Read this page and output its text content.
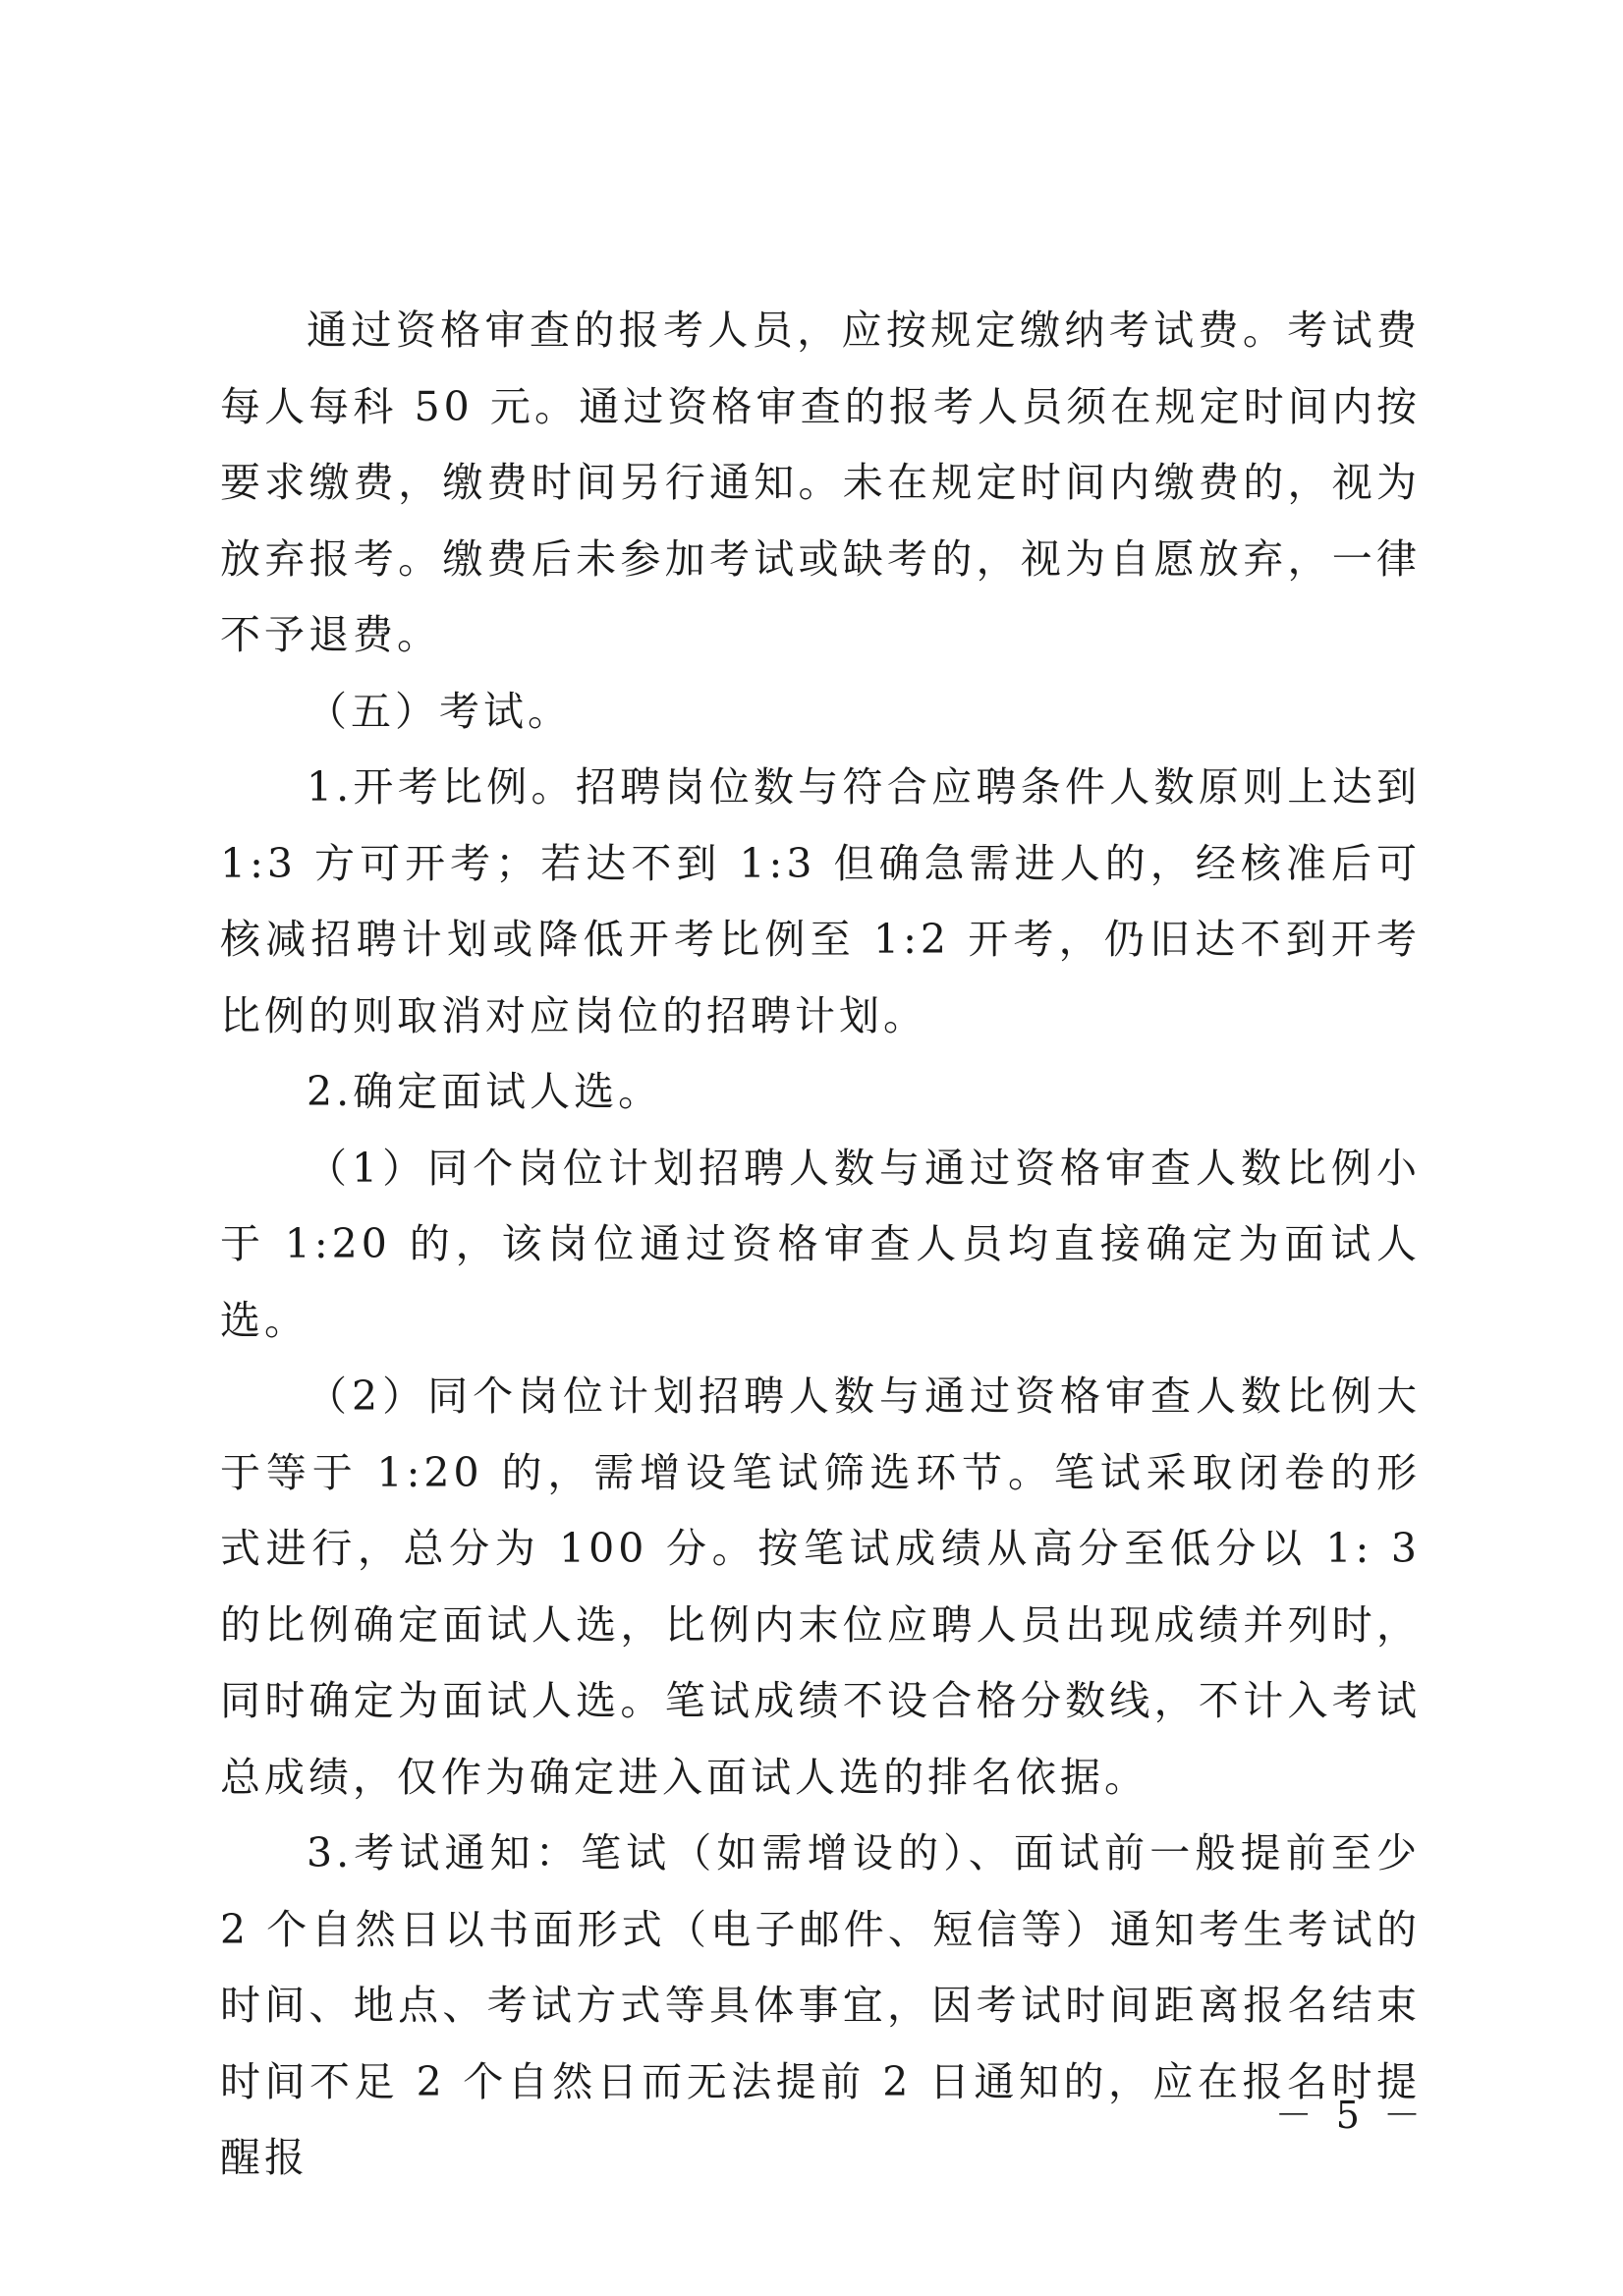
通过资格审查的报考人员，应按规定缴纳考试费。考试费每人每科 50 元。通过资格审查的报考人员须在规定时间内按要求缴费，缴费时间另行通知。未在规定时间内缴费的，视为放弃报考。缴费后未参加考试或缺考的，视为自愿放弃，一律不予退费。

（五）考试。

1.开考比例。招聘岗位数与符合应聘条件人数原则上达到 1:3 方可开考；若达不到 1:3 但确急需进人的，经核准后可核减招聘计划或降低开考比例至 1:2 开考，仍旧达不到开考比例的则取消对应岗位的招聘计划。

2.确定面试人选。

（1）同个岗位计划招聘人数与通过资格审查人数比例小于 1:20 的，该岗位通过资格审查人员均直接确定为面试人选。

（2）同个岗位计划招聘人数与通过资格审查人数比例大于等于 1:20 的，需增设笔试筛选环节。笔试采取闭卷的形式进行，总分为 100 分。按笔试成绩从高分至低分以 1: 3 的比例确定面试人选，比例内末位应聘人员出现成绩并列时，同时确定为面试人选。笔试成绩不设合格分数线，不计入考试总成绩，仅作为确定进入面试人选的排名依据。

3.考试通知：笔试（如需增设的）、面试前一般提前至少 2 个自然日以书面形式（电子邮件、短信等）通知考生考试的时间、地点、考试方式等具体事宜，因考试时间距离报名结束时间不足 2 个自然日而无法提前 2 日通知的，应在报名时提醒报

－ 5 －
